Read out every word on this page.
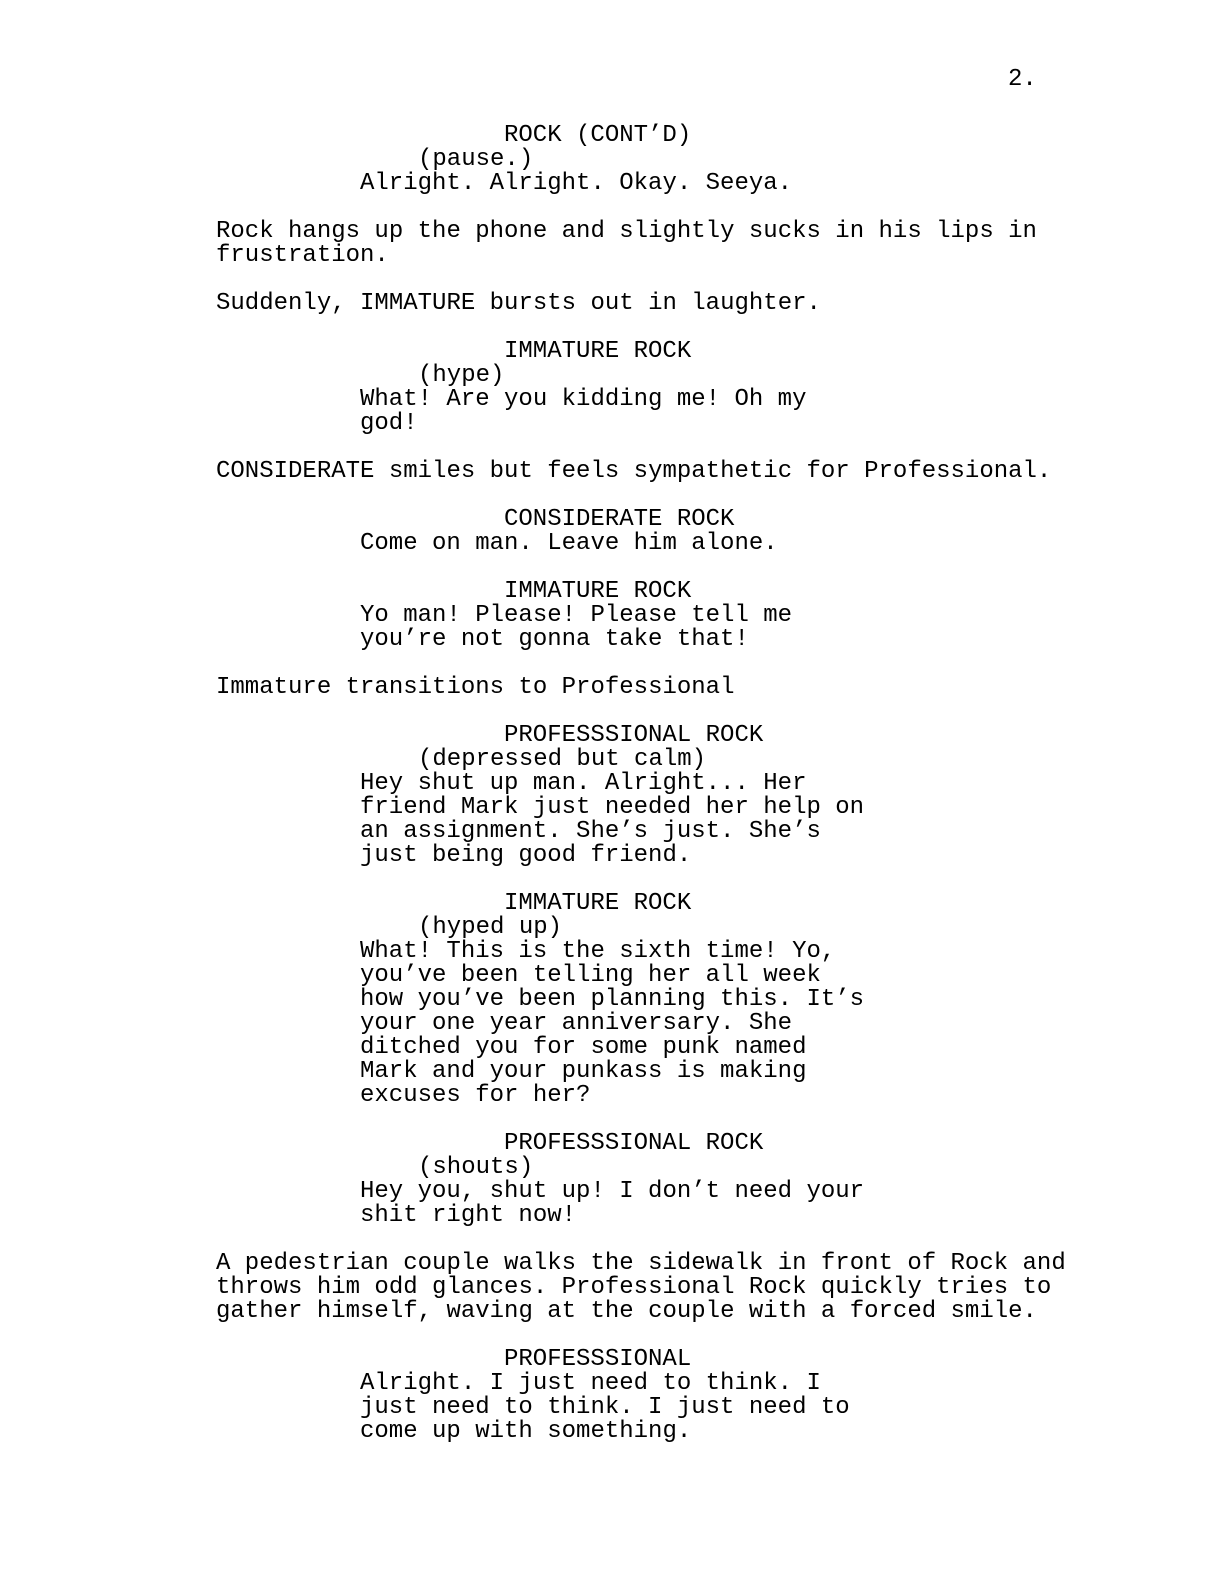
2.
ROCK (CONT’D)
(pause.)
Alright. Alright. Okay. Seeya.
Rock hangs up the phone and slightly sucks in his lips in
frustration.
Suddenly, IMMATURE bursts out in laughter.
IMMATURE ROCK
(hype)
What! Are you kidding me! Oh my
god!
CONSIDERATE smiles but feels sympathetic for Professional.
CONSIDERATE ROCK
Come on man. Leave him alone.
IMMATURE ROCK
Yo man! Please! Please tell me
you’re not gonna take that!
Immature transitions to Professional
PROFESSSIONAL ROCK
(depressed but calm)
Hey shut up man. Alright... Her
friend Mark just needed her help on
an assignment. She’s just. She’s
just being good friend.
IMMATURE ROCK
(hyped up)
What! This is the sixth time! Yo,
you’ve been telling her all week
how you’ve been planning this. It’s
your one year anniversary. She
ditched you for some punk named
Mark and your punkass is making
excuses for her?
PROFESSSIONAL ROCK
(shouts)
Hey you, shut up! I don’t need your
shit right now!
A pedestrian couple walks the sidewalk in front of Rock and
throws him odd glances. Professional Rock quickly tries to
gather himself, waving at the couple with a forced smile.
PROFESSSIONAL
Alright. I just need to think. I
just need to think. I just need to
come up with something.
